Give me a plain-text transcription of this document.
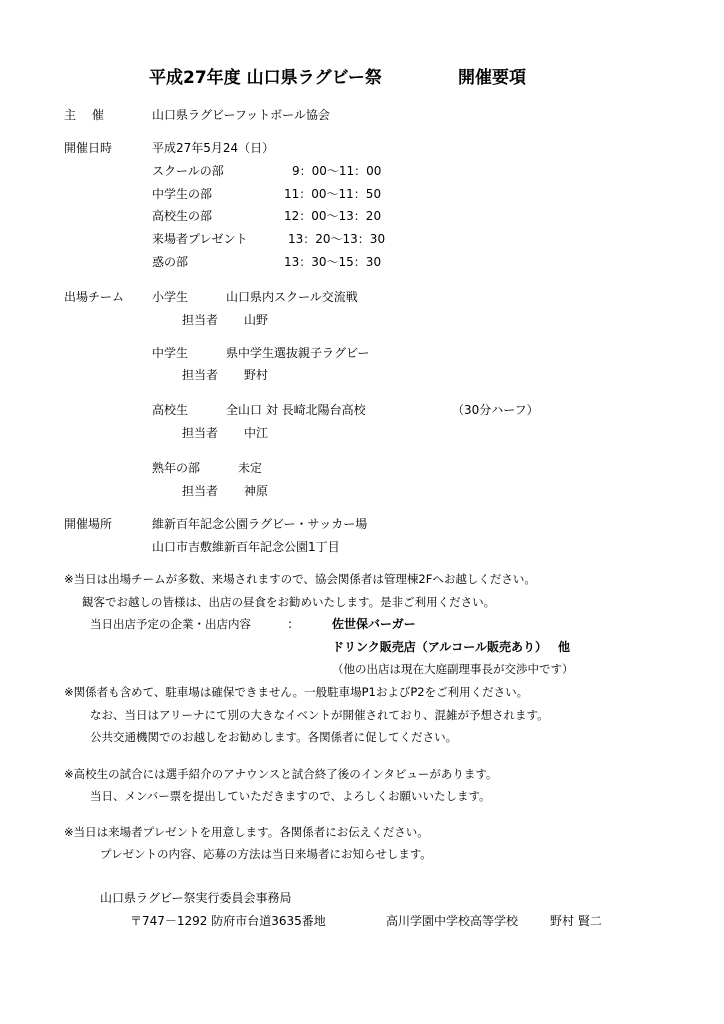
平成27年度 山口県ラグビー祭	開催要項
主 催	山口県ラグビーフットボール協会
開催日時	平成27年5月24（日）
スクールの部	9：00～11：00
中学生の部	11：00～11：50
高校生の部	12：00～13：20
来場者プレゼント	13：20～13：30
惑の部	13：30～15：30
出場チーム 小学生	山口県内スクール交流戦
担当者 山野
中学生	県中学生選抜親子ラグビー
担当者 野村
高校生	全山口 対 長崎北陽台高校	（30分ハーフ）
担当者 中江
熟年の部	未定
担当者 神原
開催場所	維新百年記念公園ラグビー・サッカー場
山口市吉敷維新百年記念公園1丁目
※当日は出場チームが多数、来場されますので、協会関係者は管理棟2Fへお越しください。
観客でお越しの皆様は、出店の昼食をお勧めいたします。是非ご利用ください。
当日出店予定の企業・出店内容	:	佐世保バーガー
ドリンク販売店（アルコール販売あり） 他
（他の出店は現在大庭副理事長が交渉中です）
※関係者も含めて、駐車場は確保できません。一般駐車場P1およびP2をご利用ください。
なお、当日はアリーナにて別の大きなイベントが開催されており、混雑が予想されます。
公共交通機関でのお越しをお勧めします。各関係者に促してください。
※高校生の試合には選手紹介のアナウンスと試合終了後のインタビューがあります。
当日、メンバー票を提出していただきますので、よろしくお願いいたします。
※当日は来場者プレゼントを用意します。各関係者にお伝えください。
プレゼントの内容、応募の方法は当日来場者にお知らせします。
山口県ラグビー祭実行委員会事務局
〒747－1292 防府市台道3635番地	高川学園中学校高等学校	野村 賢二
